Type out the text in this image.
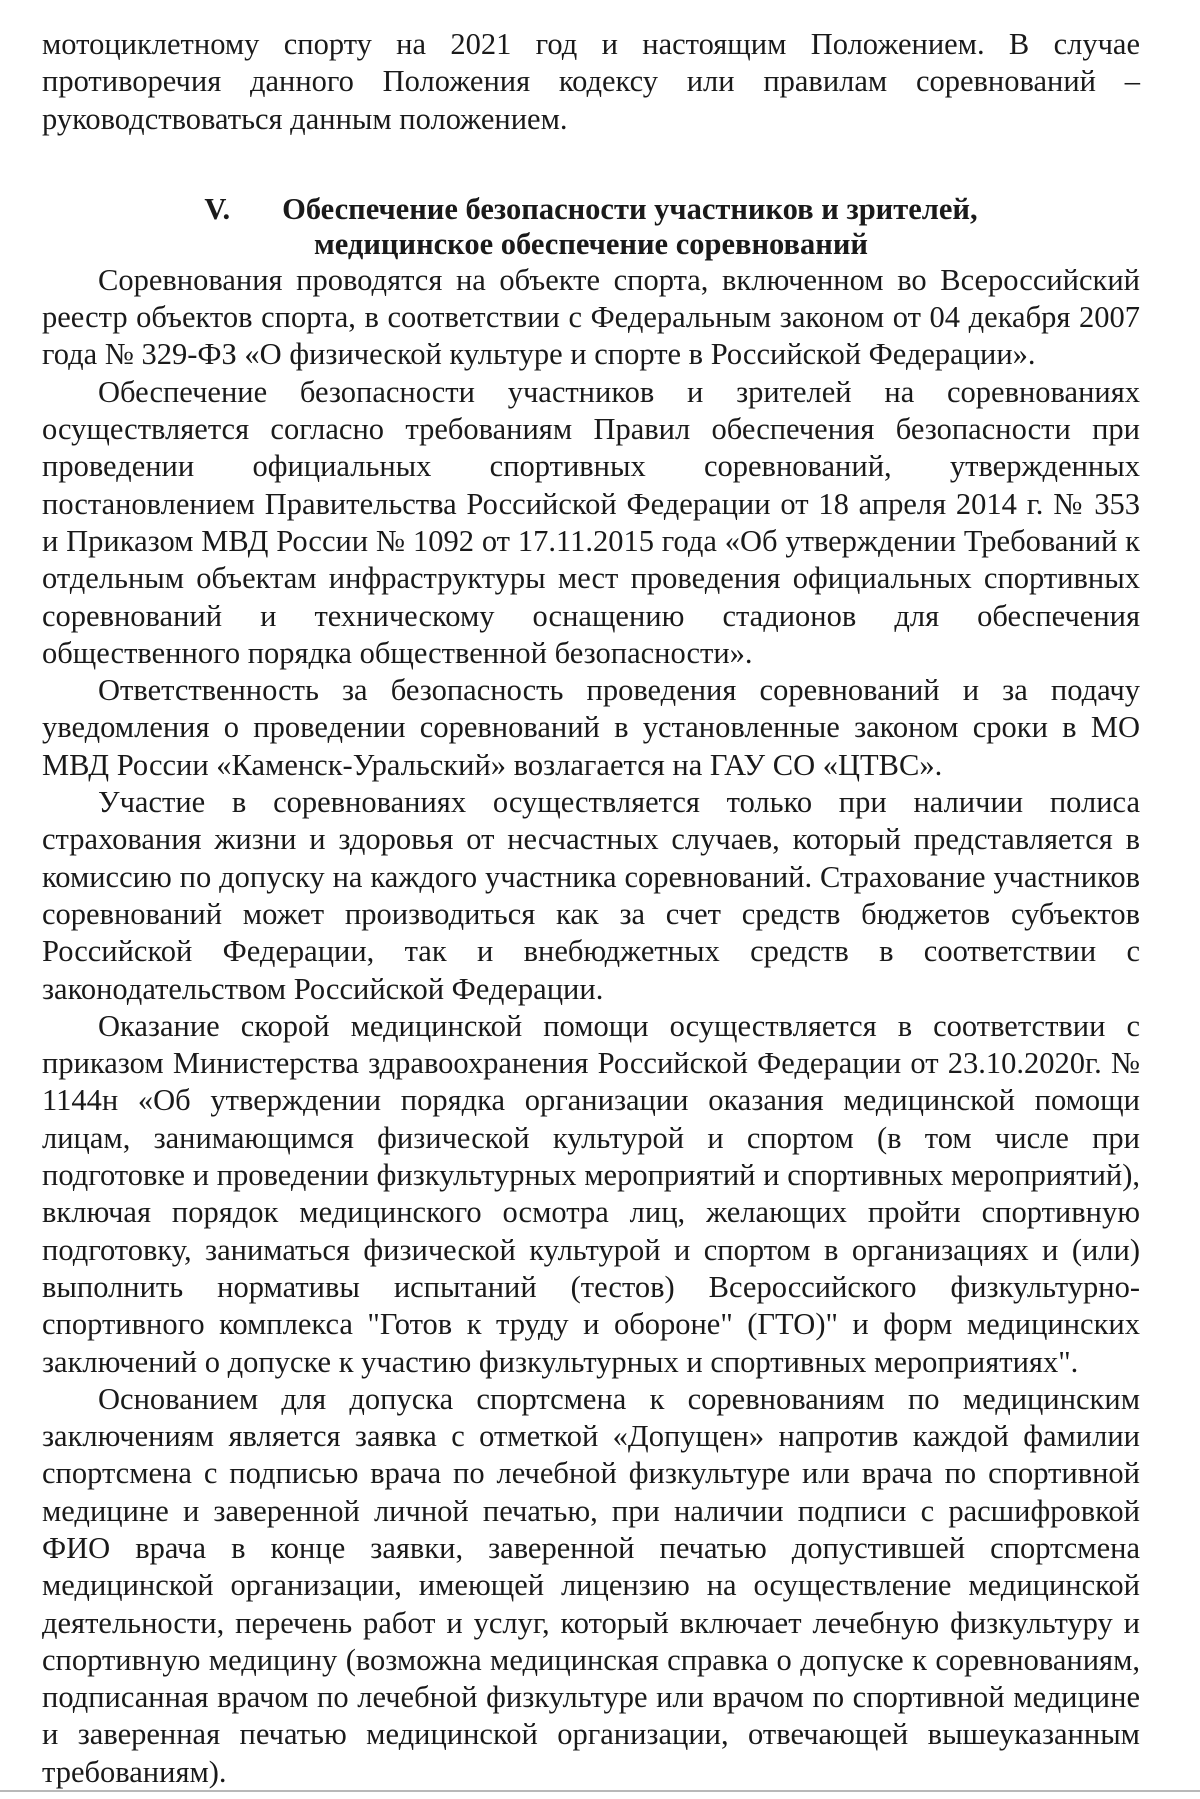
мотоциклетному спорту на 2021 год и настоящим Положением. В случае противоречия данного Положения кодексу или правилам соревнований – руководствоваться данным положением.

V. Обеспечение безопасности участников и зрителей,
медицинское обеспечение соревнований

Соревнования проводятся на объекте спорта, включенном во Всероссийский реестр объектов спорта, в соответствии с Федеральным законом от 04 декабря 2007 года № 329-ФЗ «О физической культуре и спорте в Российской Федерации».

Обеспечение безопасности участников и зрителей на соревнованиях осуществляется согласно требованиям Правил обеспечения безопасности при проведении официальных спортивных соревнований, утвержденных постановлением Правительства Российской Федерации от 18 апреля 2014 г. № 353 и Приказом МВД России № 1092 от 17.11.2015 года «Об утверждении Требований к отдельным объектам инфраструктуры мест проведения официальных спортивных соревнований и техническому оснащению стадионов для обеспечения общественного порядка общественной безопасности».

Ответственность за безопасность проведения соревнований и за подачу уведомления о проведении соревнований в установленные законом сроки в МО МВД России «Каменск-Уральский» возлагается на ГАУ СО «ЦТВС».

Участие в соревнованиях осуществляется только при наличии полиса страхования жизни и здоровья от несчастных случаев, который представляется в комиссию по допуску на каждого участника соревнований. Страхование участников соревнований может производиться как за счет средств бюджетов субъектов Российской Федерации, так и внебюджетных средств в соответствии с законодательством Российской Федерации.

Оказание скорой медицинской помощи осуществляется в соответствии с приказом Министерства здравоохранения Российской Федерации от 23.10.2020г. № 1144н «Об утверждении порядка организации оказания медицинской помощи лицам, занимающимся физической культурой и спортом (в том числе при подготовке и проведении физкультурных мероприятий и спортивных мероприятий), включая порядок медицинского осмотра лиц, желающих пройти спортивную подготовку, заниматься физической культурой и спортом в организациях и (или) выполнить нормативы испытаний (тестов) Всероссийского физкультурно-спортивного комплекса "Готов к труду и обороне" (ГТО)" и форм медицинских заключений о допуске к участию физкультурных и спортивных мероприятиях".

Основанием для допуска спортсмена к соревнованиям по медицинским заключениям является заявка с отметкой «Допущен» напротив каждой фамилии спортсмена с подписью врача по лечебной физкультуре или врача по спортивной медицине и заверенной личной печатью, при наличии подписи с расшифровкой ФИО врача в конце заявки, заверенной печатью допустившей спортсмена медицинской организации, имеющей лицензию на осуществление медицинской деятельности, перечень работ и услуг, который включает лечебную физкультуру и спортивную медицину (возможна медицинская справка о допуске к соревнованиям, подписанная врачом по лечебной физкультуре или врачом по спортивной медицине и заверенная печатью медицинской организации, отвечающей вышеуказанным требованиям).
